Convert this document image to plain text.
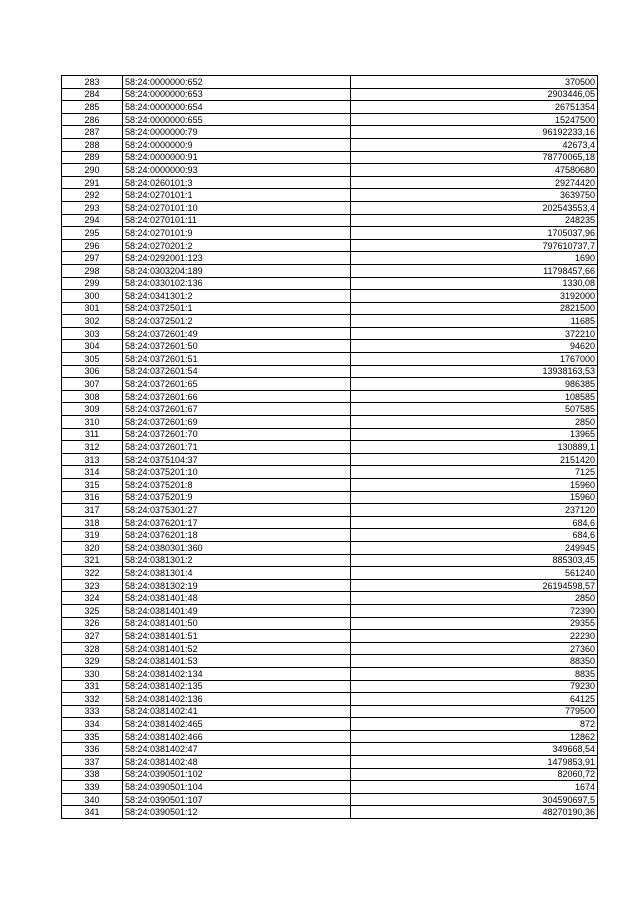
283	58:24:0000000:652	370500
284	58:24:0000000:653	2903446,05
285	58:24:0000000:654	26751354
286	58:24:0000000:655	15247500
287	58:24:0000000:79	96192233,16
288	58:24:0000000:9	42673,4
289	58:24:0000000:91	78770065,18
290	58:24:0000000:93	47580680
291	58:24:0260101:3	29274420
292	58:24:0270101:1	3639750
293	58:24:0270101:10	202543553,4
294	58:24:0270101:11	248235
295	58:24:0270101:9	1705037,96
296	58:24:0270201:2	797610737,7
297	58:24:0292001:123	1690
298	58:24:0303204:189	11798457,66
299	58:24:0330102:136	1330,08
300	58:24:0341301:2	3192000
301	58:24:0372501:1	2821500
302	58:24:0372501:2	11685
303	58:24:0372601:49	372210
304	58:24:0372601:50	94620
305	58:24:0372601:51	1767000
306	58:24:0372601:54	13938163,53
307	58:24:0372601:65	986385
308	58:24:0372601:66	108585
309	58:24:0372601:67	507585
310	58:24:0372601:69	2850
311	58:24:0372601:70	13965
312	58:24:0372601:71	130889,1
313	58:24:0375104:37	2151420
314	58:24:0375201:10	7125
315	58:24:0375201:8	15960
316	58:24:0375201:9	15960
317	58:24:0375301:27	237120
318	58:24:0376201:17	684,6
319	58:24:0376201:18	684,6
320	58:24:0380301:360	249945
321	58:24:0381301:2	885303,45
322	58:24:0381301:4	561240
323	58:24:0381302:19	26194598,57
324	58:24:0381401:48	2850
325	58:24:0381401:49	72390
326	58:24:0381401:50	29355
327	58:24:0381401:51	22230
328	58:24:0381401:52	27360
329	58:24:0381401:53	88350
330	58:24:0381402:134	8835
331	58:24:0381402:135	79230
332	58:24:0381402:136	64125
333	58:24:0381402:41	779500
334	58:24:0381402:465	872
335	58:24:0381402:466	12862
336	58:24:0381402:47	349668,54
337	58:24:0381402:48	1479853,91
338	58:24:0390501:102	82060,72
339	58:24:0390501:104	1674
340	58:24:0390501:107	304590697,5
341	58:24:0390501:12	48270190,36
